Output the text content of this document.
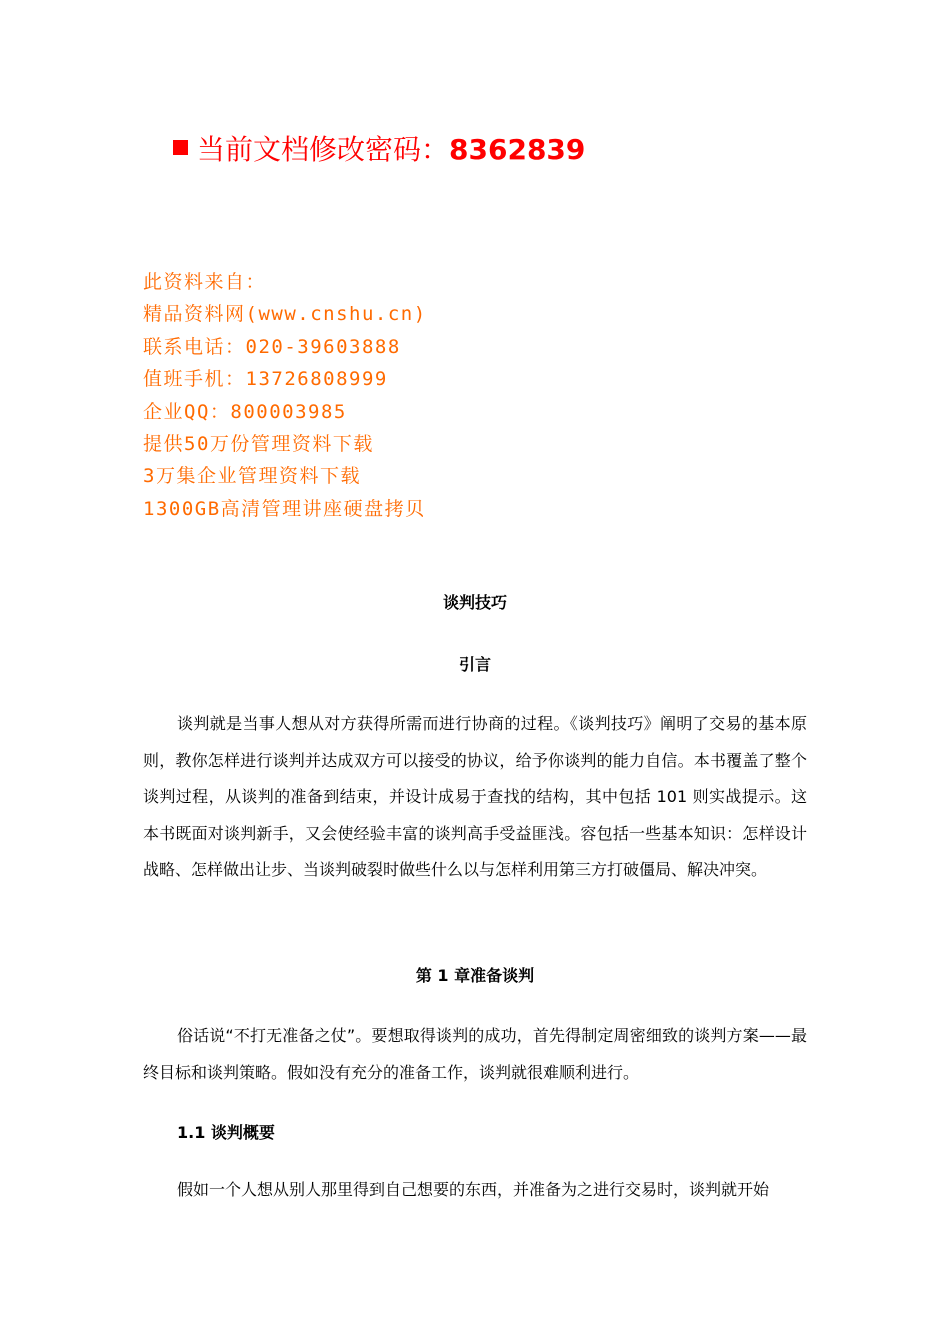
当前文档修改密码：8362839
此资料来自：
精品资料网(www.cnshu.cn)
联系电话：020-39603888
值班手机：13726808999
企业QQ：800003985
提供50万份管理资料下载
3万集企业管理资料下载
1300GB高清管理讲座硬盘拷贝
谈判技巧
引言

谈判就是当事人想从对方获得所需而进行协商的过程。《谈判技巧》阐明了交易的基本原则，教你怎样进行谈判并达成双方可以接受的协议，给予你谈判的能力自信。本书覆盖了整个谈判过程，从谈判的准备到结束，并设计成易于查找的结构，其中包括 101 则实战提示。这本书既面对谈判新手，又会使经验丰富的谈判高手受益匪浅。容包括一些基本知识：怎样设计战略、怎样做出让步、当谈判破裂时做些什么以与怎样利用第三方打破僵局、解决冲突。

第 1 章准备谈判

俗话说“不打无准备之仗”。要想取得谈判的成功，首先得制定周密细致的谈判方案——最终目标和谈判策略。假如没有充分的准备工作，谈判就很难顺利进行。

1.1 谈判概要

假如一个人想从别人那里得到自己想要的东西，并准备为之进行交易时，谈判就开始
